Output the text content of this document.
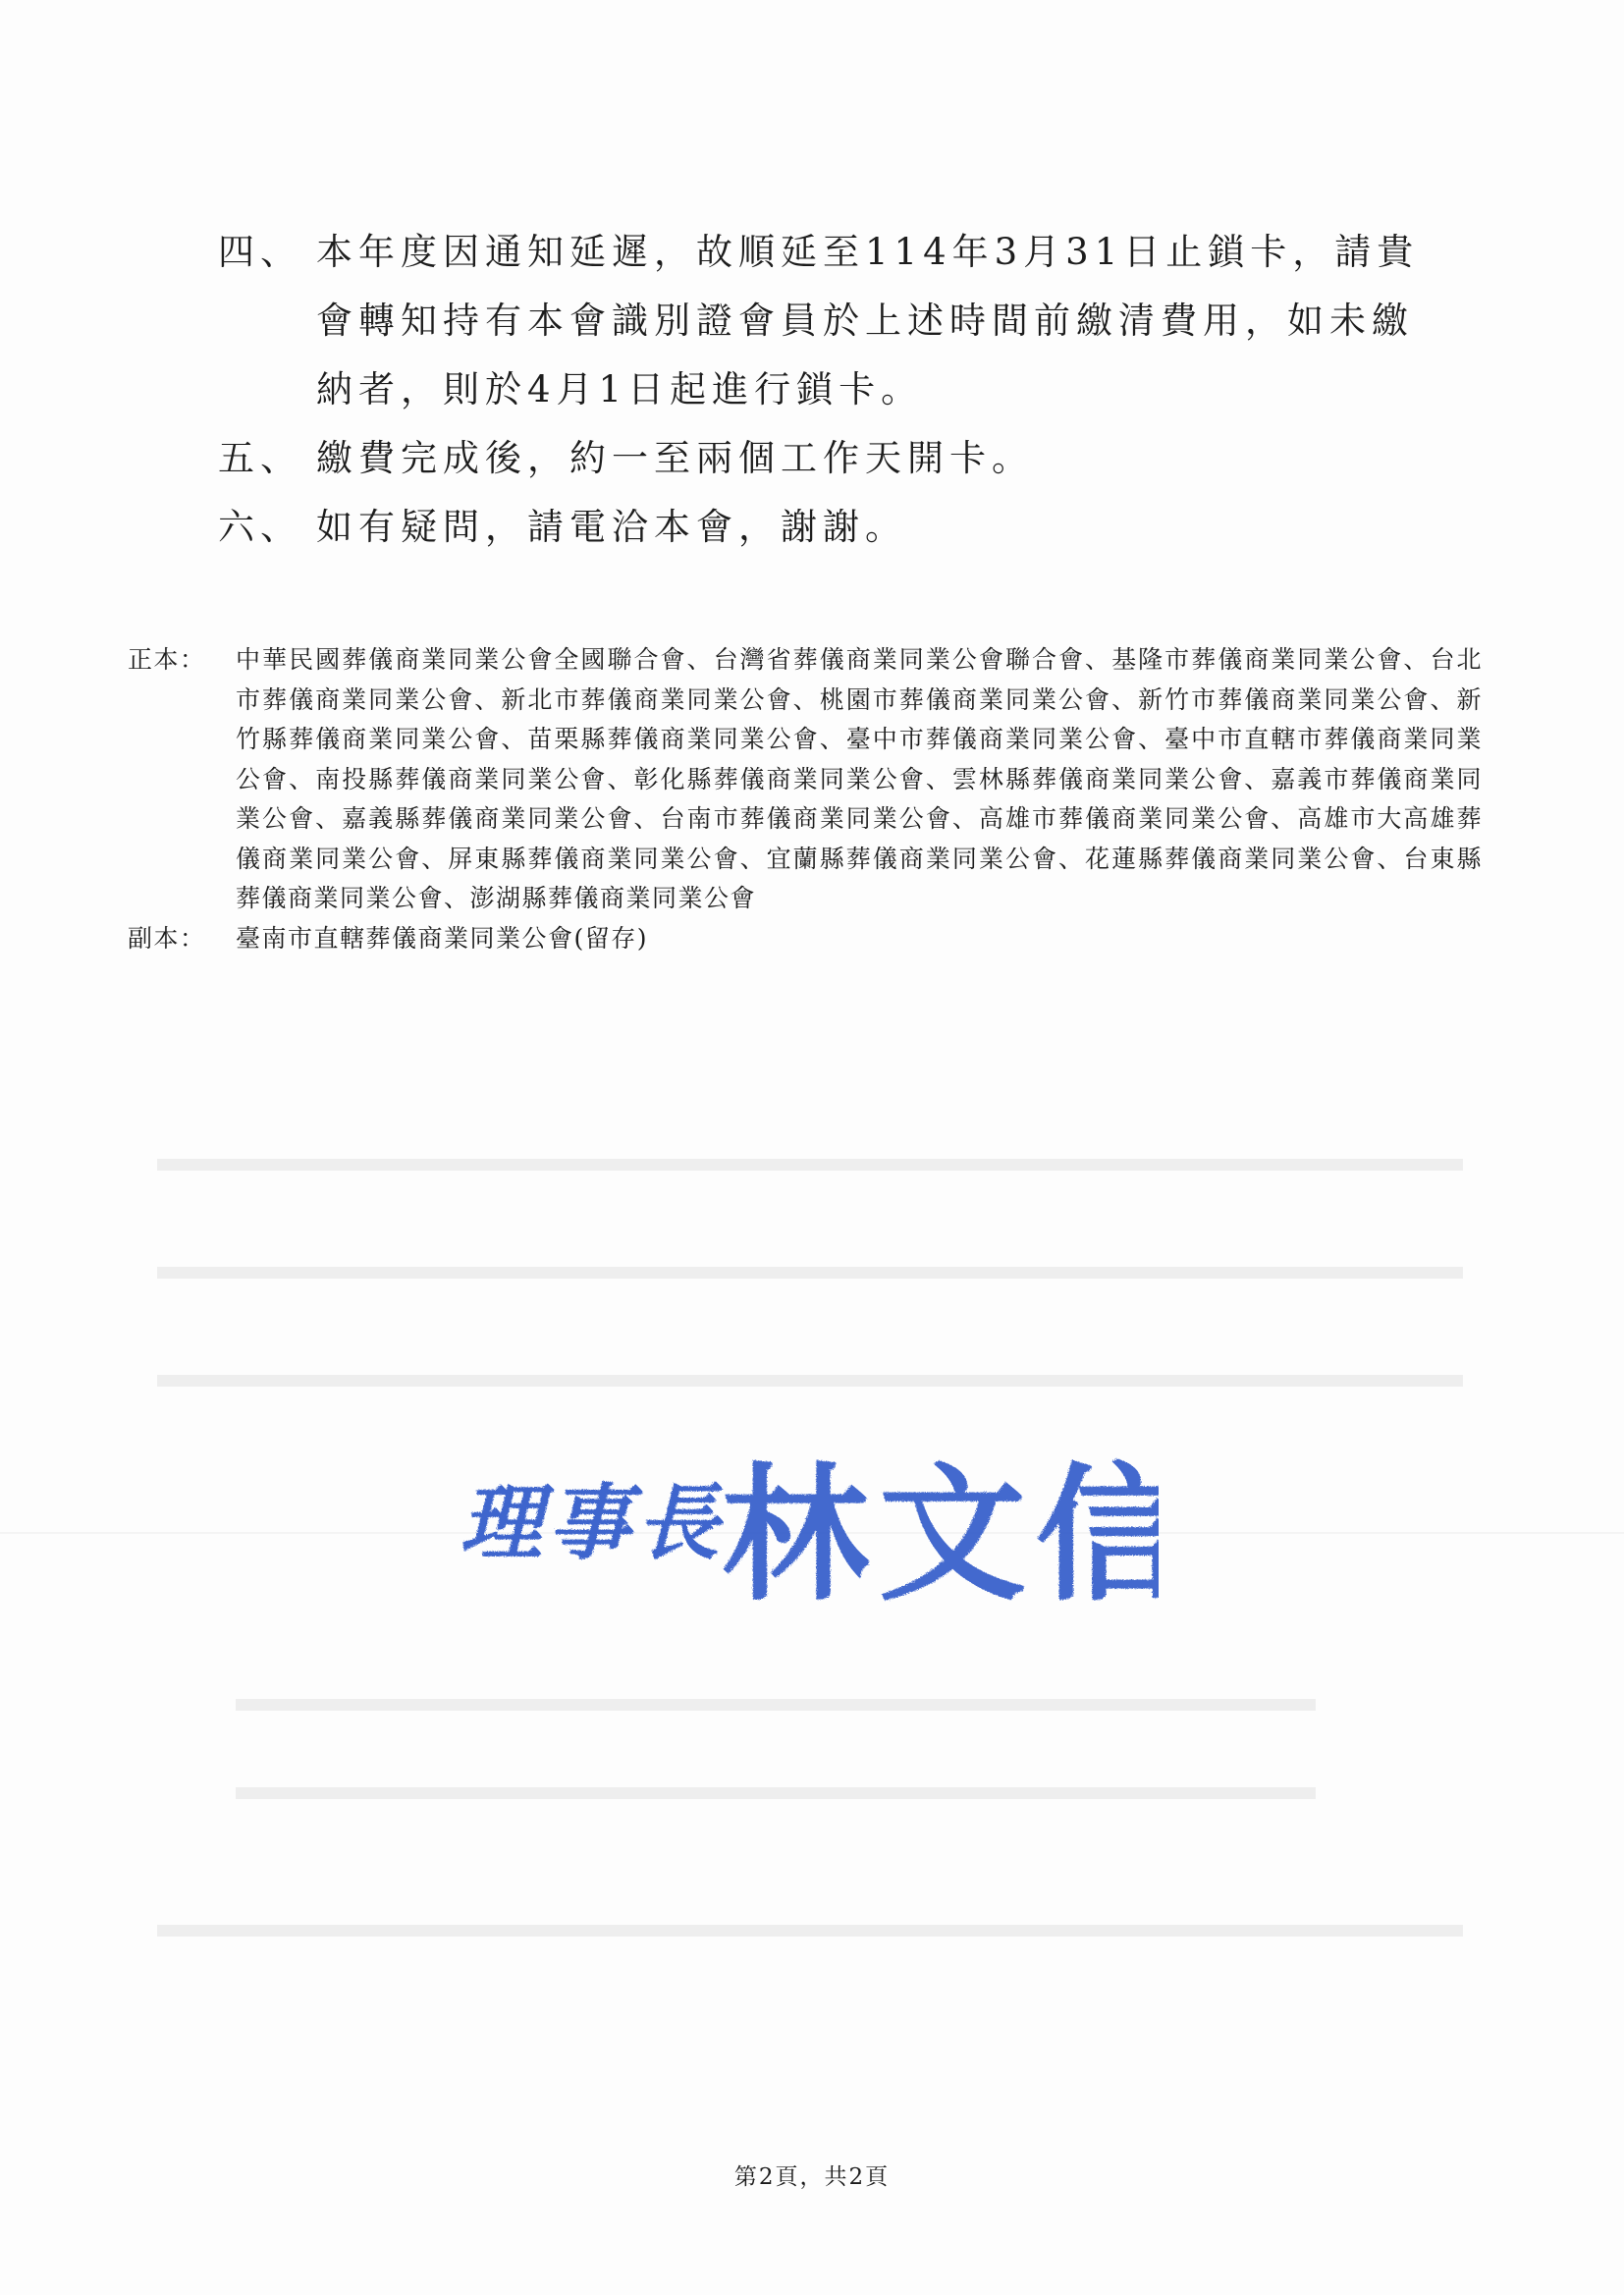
四、 本年度因通知延遲，故順延至114年3月31日止鎖卡，請貴
會轉知持有本會識別證會員於上述時間前繳清費用，如未繳
納者，則於4月1日起進行鎖卡。
五、 繳費完成後，約一至兩個工作天開卡。
六、 如有疑問，請電洽本會，謝謝。
正本：	中華民國葬儀商業同業公會全國聯合會、台灣省葬儀商業同業公會聯合會、基隆市葬儀商業同業公會、台北市葬儀商業同業公會、新北市葬儀商業同業公會、桃園市葬儀商業同業公會、新竹市葬儀商業同業公會、新竹縣葬儀商業同業公會、苗栗縣葬儀商業同業公會、臺中市葬儀商業同業公會、臺中市直轄市葬儀商業同業公會、南投縣葬儀商業同業公會、彰化縣葬儀商業同業公會、雲林縣葬儀商業同業公會、嘉義市葬儀商業同業公會、嘉義縣葬儀商業同業公會、台南市葬儀商業同業公會、高雄市葬儀商業同業公會、高雄市大高雄葬儀商業同業公會、屏東縣葬儀商業同業公會、宜蘭縣葬儀商業同業公會、花蓮縣葬儀商業同業公會、台東縣葬儀商業同業公會、澎湖縣葬儀商業同業公會
副本：	臺南市直轄葬儀商業同業公會(留存)
理事長
林文信
第2頁，共2頁
